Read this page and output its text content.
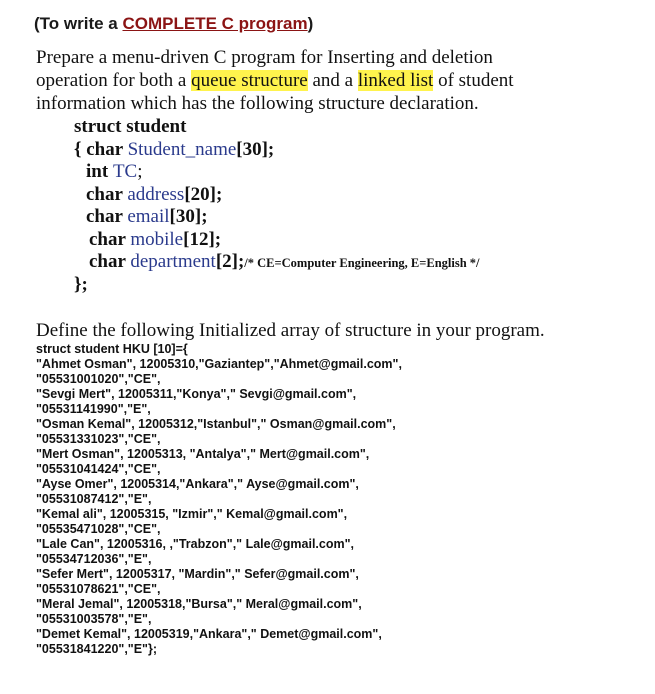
(To write a COMPLETE C program)
Prepare a menu-driven C program for Inserting and deletion
operation for both a queue structure and a linked list of student
information which has the following structure declaration.
struct student
{ char Student_name[30];
int TC;
char address[20];
char email[30];
char mobile[12];
char department[2];/* CE=Computer Engineering, E=English */
};
Define the following Initialized array of structure in your program.
struct student HKU [10]={
"Ahmet Osman", 12005310,"Gaziantep","Ahmet@gmail.com",
"05531001020","CE",
"Sevgi Mert", 12005311,"Konya"," Sevgi@gmail.com",
"05531141990","E",
"Osman Kemal", 12005312,"Istanbul"," Osman@gmail.com",
"05531331023","CE",
"Mert Osman", 12005313, "Antalya"," Mert@gmail.com",
"05531041424","CE",
"Ayse Omer", 12005314,"Ankara"," Ayse@gmail.com",
"05531087412","E",
"Kemal ali", 12005315, "Izmir"," Kemal@gmail.com",
"05535471028","CE",
"Lale Can", 12005316, ,"Trabzon"," Lale@gmail.com",
"05534712036","E",
"Sefer Mert", 12005317, "Mardin"," Sefer@gmail.com",
"05531078621","CE",
"Meral Jemal", 12005318,"Bursa"," Meral@gmail.com",
"05531003578","E",
"Demet Kemal", 12005319,"Ankara"," Demet@gmail.com",
"05531841220","E"};
